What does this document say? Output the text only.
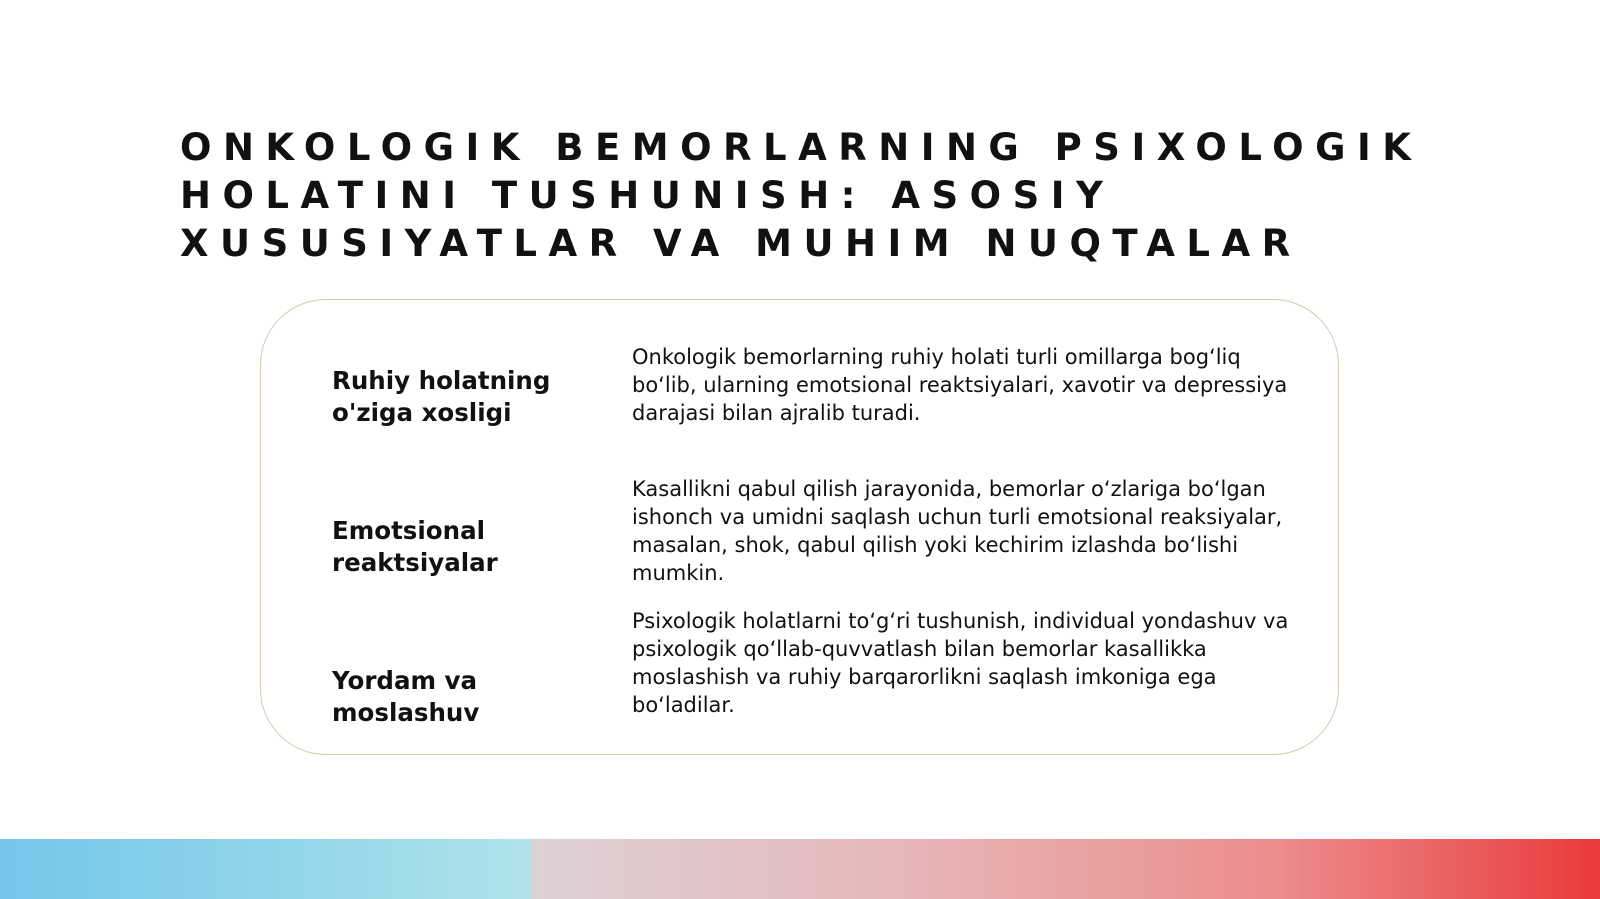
ONKOLOGIK BEMORLARNING PSIXOLOGIK HOLATINI TUSHUNISH: ASOSIY XUSUSIYATLAR VA MUHIM NUQTALAR

Ruhiy holatning o'ziga xosligi

Onkologik bemorlarning ruhiy holati turli omillarga bog‘liq bo‘lib, ularning emotsional reaktsiyalari, xavotir va depressiya darajasi bilan ajralib turadi.

Emotsional reaktsiyalar

Kasallikni qabul qilish jarayonida, bemorlar o‘zlariga bo‘lgan ishonch va umidni saqlash uchun turli emotsional reaksiyalar, masalan, shok, qabul qilish yoki kechirim izlashda bo‘lishi mumkin.

Yordam va moslashuv

Psixologik holatlarni to‘g‘ri tushunish, individual yondashuv va psixologik qo‘llab-quvvatlash bilan bemorlar kasallikka moslashish va ruhiy barqarorlikni saqlash imkoniga ega bo‘ladilar.
